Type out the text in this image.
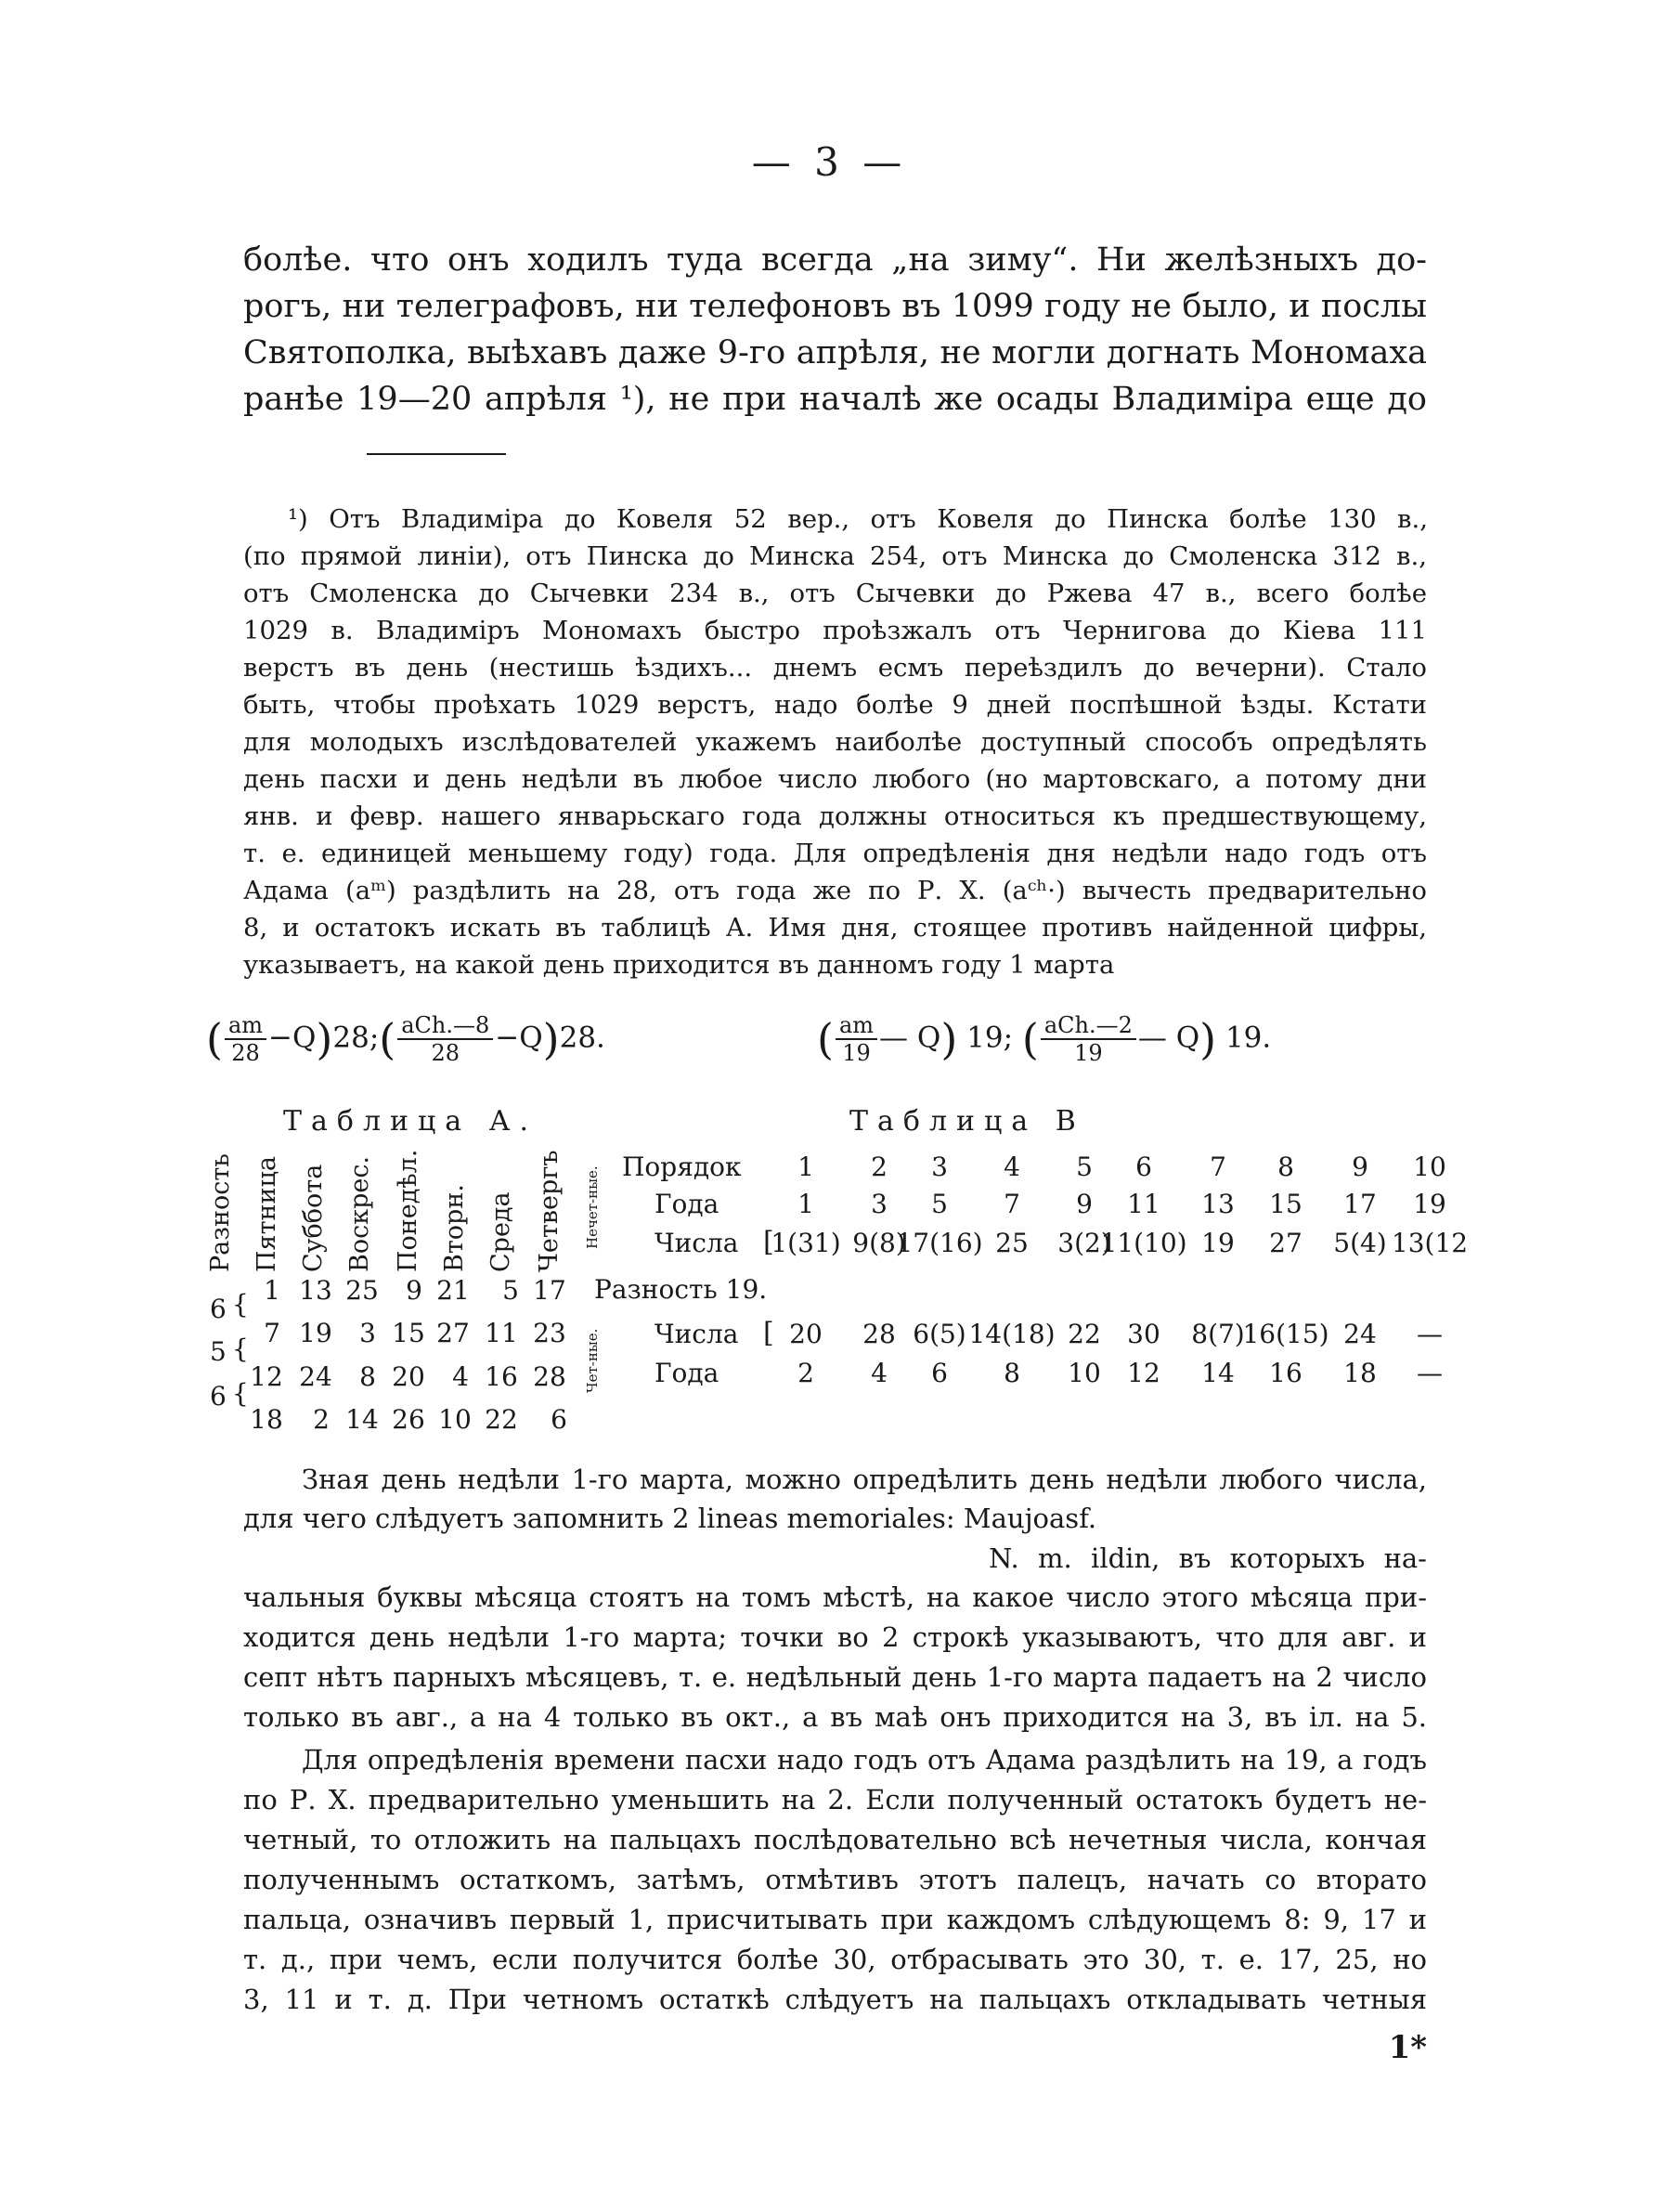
— 3 —
болѣе. что онъ ходилъ туда всегда „на зиму“. Ни желѣзныхъ до-
рогъ, ни телеграфовъ, ни телефоновъ въ 1099 году не было, и послы
Святополка, выѣхавъ даже 9-го апрѣля, не могли догнать Мономаха
ранѣе 19—20 апрѣля ¹), не при началѣ же осады Владиміра еще до
¹) Отъ Владиміра до Ковеля 52 вер., отъ Ковеля до Пинска болѣе 130 в.,
(по прямой линіи), отъ Пинска до Минска 254, отъ Минска до Смоленска 312 в.,
отъ Смоленска до Сычевки 234 в., отъ Сычевки до Ржева 47 в., всего болѣе
1029 в. Владиміръ Мономахъ быстро проѣзжалъ отъ Чернигова до Кіева 111
верстъ въ день (нестишь ѣздихъ... днемъ есмъ переѣздилъ до вечерни). Стало
быть, чтобы проѣхать 1029 верстъ, надо болѣе 9 дней поспѣшной ѣзды. Кстати
для молодыхъ изслѣдователей укажемъ наиболѣе доступный способъ опредѣлять
день пасхи и день недѣли въ любое число любого (но мартовскаго, а потому дни
янв. и февр. нашего январьскаго года должны относиться къ предшествующему,
т. е. единицей меньшему году) года. Для опредѣленія дня недѣли надо годъ отъ
Адама (aᵐ) раздѣлить на 28, отъ года же по Р. Х. (aᶜʰ·) вычесть предварительно
8, и остатокъ искать въ таблицѣ А. Имя дня, стоящее противъ найденной цифры,
указываетъ, на какой день приходится въ данномъ году 1 марта
( $\frac{am}{28}$ −Q)28;( $\frac{\text{aCh.—8}}{28} -Q)28$.	( $\frac{am}{19}$ — Q) 19; ( $\frac{\text{aCh.—2}}{19}$ — Q) 19.
Таблица А.	Таблица В
Разность Пятница Суббота Воскрес. Понедѣл. Вторн. Среда Четвергъ
6
5
6
{
{
{
1 13 25 9 21 5 17
7 19 3 15 27 11 23
12 24 8 20 4 16 28
18 2 14 26 10 22 6
Нечет-ные.
Чет-ные.
Порядок
Года
Числа
Разность 19.
Числа
Года
[
[
1 2 3 4 5 6 7 8 9 10
1 3 5 7 9 11 13 15 17 19
1(31) 9(8)
17(16) 25 3(2)
11(10) 19 27 5(4) 13(12
20 28 6(5) 14(18) 22 30 8(7)
16(15) 24 —
2 4 6 8 10 12 14 16 18 —
Зная день недѣли 1-го марта, можно опредѣлить день недѣли любого числа,
для чего слѣдуетъ запомнить 2 lineas memoriales: Maujoasf.
N. m. ildin, въ которыхъ на-
чальныя буквы мѣсяца стоятъ на томъ мѣстѣ, на какое число этого мѣсяца при-
ходится день недѣли 1-го марта; точки во 2 строкѣ указываютъ, что для авг. и
септ нѣтъ парныхъ мѣсяцевъ, т. е. недѣльный день 1-го марта падаетъ на 2 число
только въ авг., а на 4 только въ окт., а въ маѣ онъ приходится на 3, въ іл. на 5.
Для опредѣленія времени пасхи надо годъ отъ Адама раздѣлить на 19, а годъ
по Р. Х. предварительно уменьшить на 2. Если полученный остатокъ будетъ не-
четный, то отложить на пальцахъ послѣдовательно всѣ нечетныя числа, кончая
полученнымъ остаткомъ, затѣмъ, отмѣтивъ этотъ палецъ, начать со вторато
пальца, означивъ первый 1, присчитывать при каждомъ слѣдующемъ 8: 9, 17 и
т. д., при чемъ, если получится болѣе 30, отбрасывать это 30, т. е. 17, 25, но
3, 11 и т. д. При четномъ остаткѣ слѣдуетъ на пальцахъ откладывать четныя
1*
